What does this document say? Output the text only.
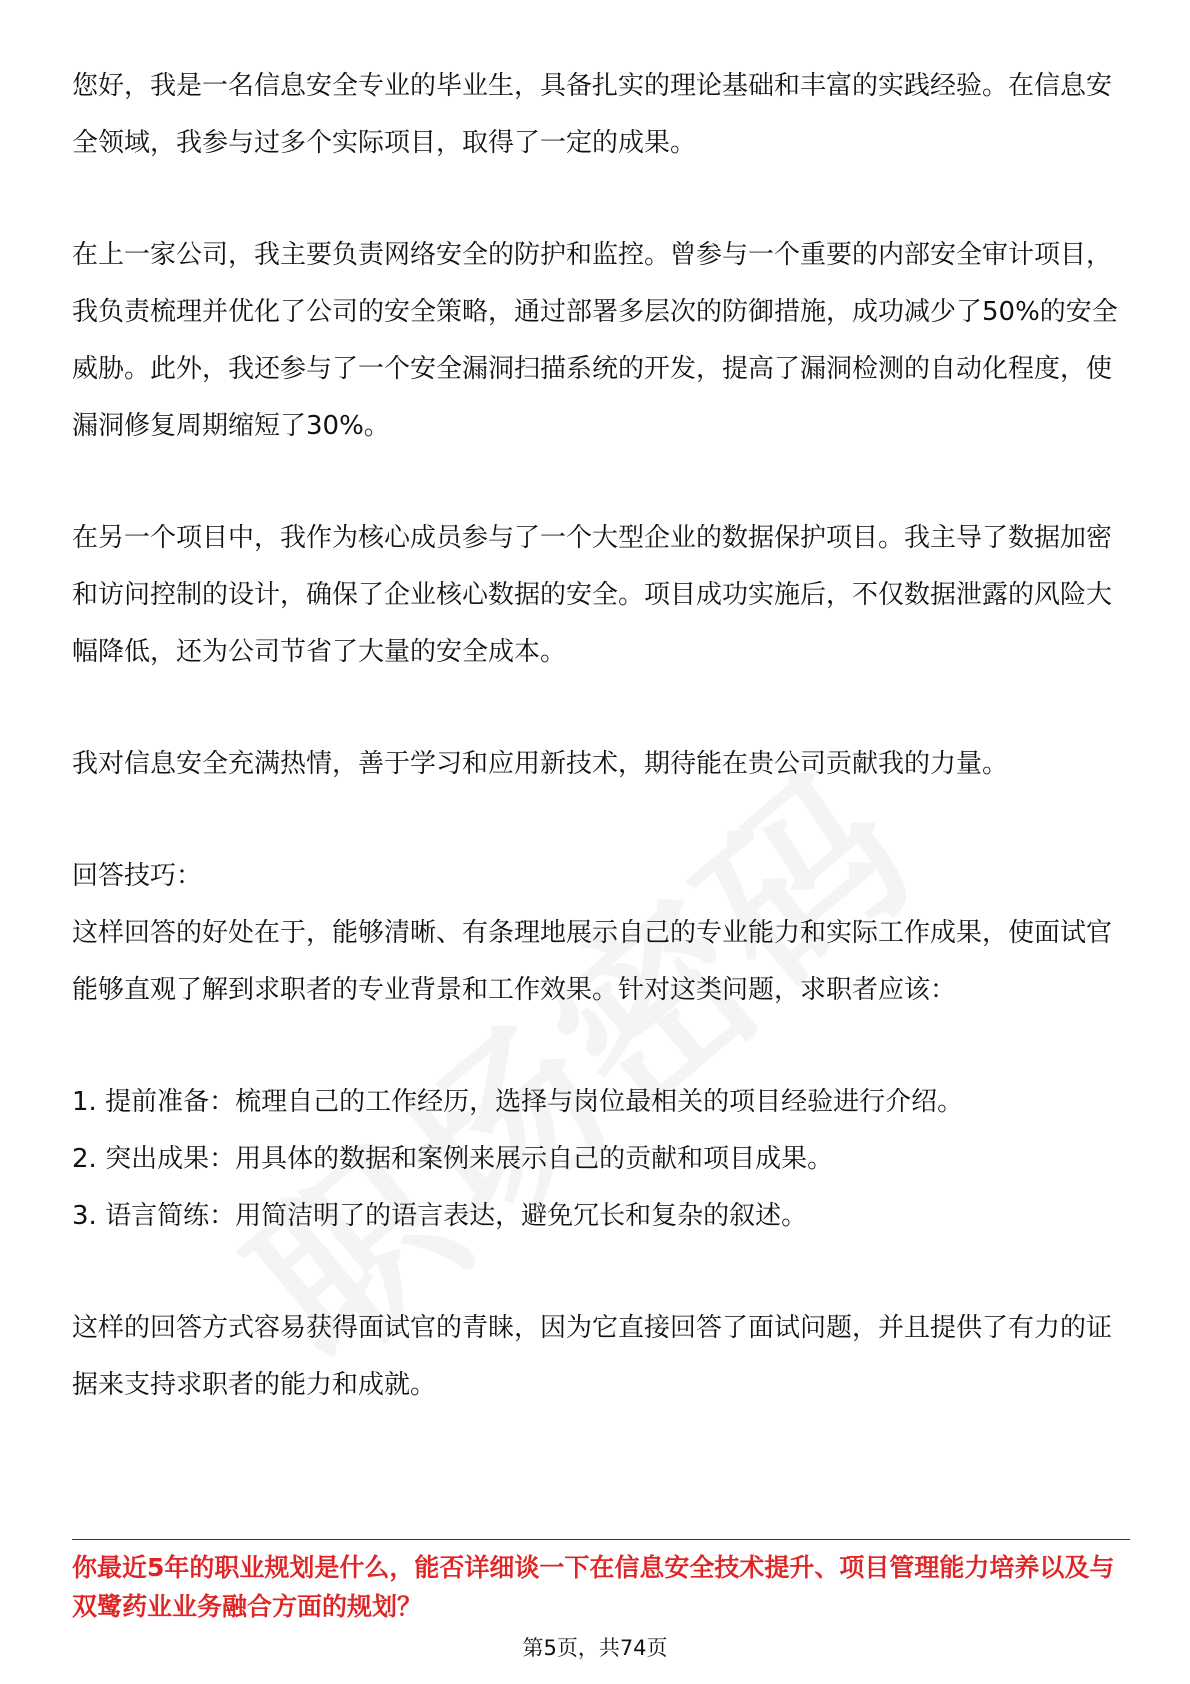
您好，我是一名信息安全专业的毕业生，具备扎实的理论基础和丰富的实践经验。在信息安全领域，我参与过多个实际项目，取得了一定的成果。

在上一家公司，我主要负责网络安全的防护和监控。曾参与一个重要的内部安全审计项目，我负责梳理并优化了公司的安全策略，通过部署多层次的防御措施，成功减少了50%的安全威胁。此外，我还参与了一个安全漏洞扫描系统的开发，提高了漏洞检测的自动化程度，使漏洞修复周期缩短了30%。

在另一个项目中，我作为核心成员参与了一个大型企业的数据保护项目。我主导了数据加密和访问控制的设计，确保了企业核心数据的安全。项目成功实施后，不仅数据泄露的风险大幅降低，还为公司节省了大量的安全成本。

我对信息安全充满热情，善于学习和应用新技术，期待能在贵公司贡献我的力量。

回答技巧：

这样回答的好处在于，能够清晰、有条理地展示自己的专业能力和实际工作成果，使面试官能够直观了解到求职者的专业背景和工作效果。针对这类问题，求职者应该：

1. 提前准备：梳理自己的工作经历，选择与岗位最相关的项目经验进行介绍。

2. 突出成果：用具体的数据和案例来展示自己的贡献和项目成果。

3. 语言简练：用简洁明了的语言表达，避免冗长和复杂的叙述。

这样的回答方式容易获得面试官的青睐，因为它直接回答了面试问题，并且提供了有力的证据来支持求职者的能力和成就。

你最近5年的职业规划是什么，能否详细谈一下在信息安全技术提升、项目管理能力培养以及与双鹭药业业务融合方面的规划？

第5页，共74页
